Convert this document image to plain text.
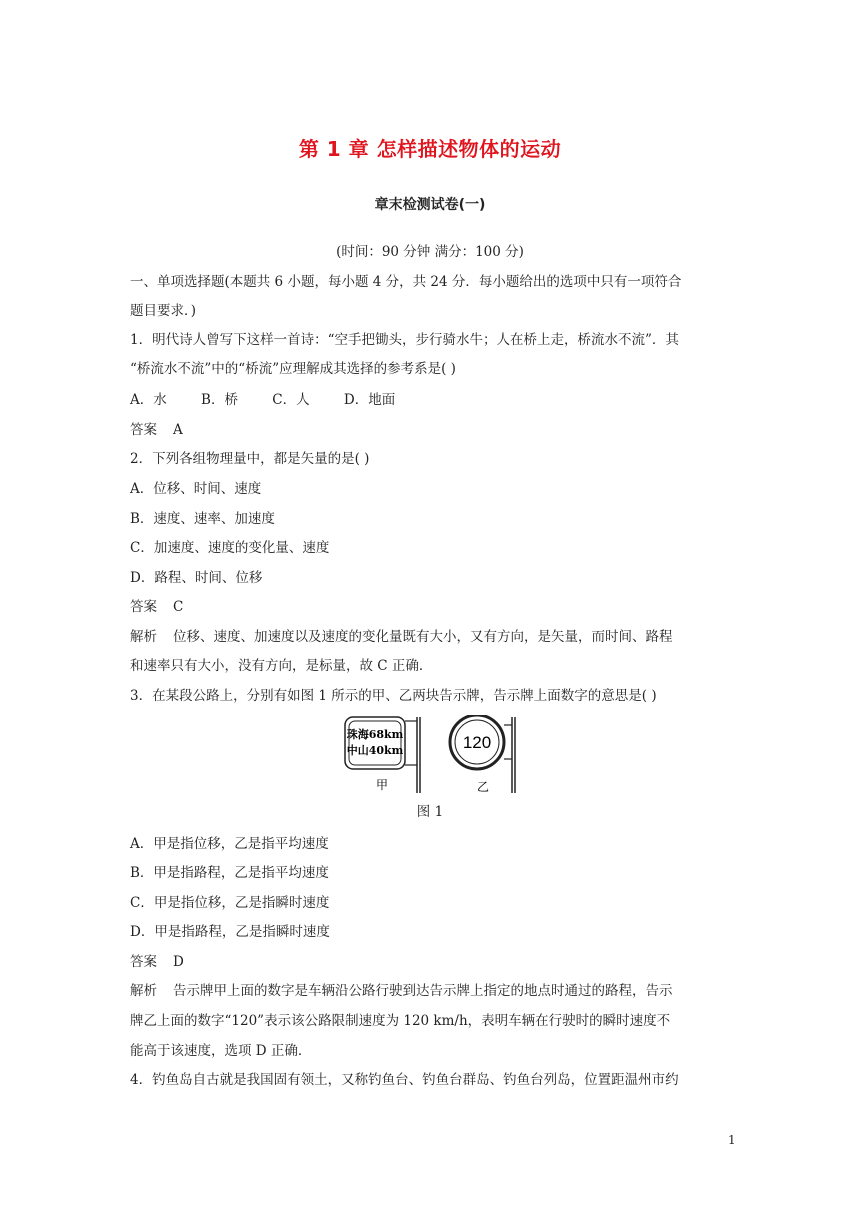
第 1 章 怎样描述物体的运动
章末检测试卷(一)
(时间：90 分钟 满分：100 分)
一、单项选择题(本题共 6 小题，每小题 4 分，共 24 分．每小题给出的选项中只有一项符合
题目要求．)
1．明代诗人曾写下这样一首诗：“空手把锄头，步行骑水牛；人在桥上走，桥流水不流”．其
“桥流水不流”中的“桥流”应理解成其选择的参考系是( )
A．水	B．桥	C．人	D．地面
答案 A
2．下列各组物理量中，都是矢量的是( )
A．位移、时间、速度
B．速度、速率、加速度
C．加速度、速度的变化量、速度
D．路程、时间、位移
答案 C
解析 位移、速度、加速度以及速度的变化量既有大小，又有方向，是矢量，而时间、路程
和速率只有大小，没有方向，是标量，故 C 正确．
3．在某段公路上，分别有如图 1 所示的甲、乙两块告示牌，告示牌上面数字的意思是( )
珠海68km
中山40km	120
甲	乙
图 1
A．甲是指位移，乙是指平均速度
B．甲是指路程，乙是指平均速度
C．甲是指位移，乙是指瞬时速度
D．甲是指路程，乙是指瞬时速度
答案 D
解析 告示牌甲上面的数字是车辆沿公路行驶到达告示牌上指定的地点时通过的路程，告示
牌乙上面的数字“120”表示该公路限制速度为 120 km/h，表明车辆在行驶时的瞬时速度不
能高于该速度，选项 D 正确．
4．钓鱼岛自古就是我国固有领土，又称钓鱼台、钓鱼台群岛、钓鱼台列岛，位置距温州市约
1
